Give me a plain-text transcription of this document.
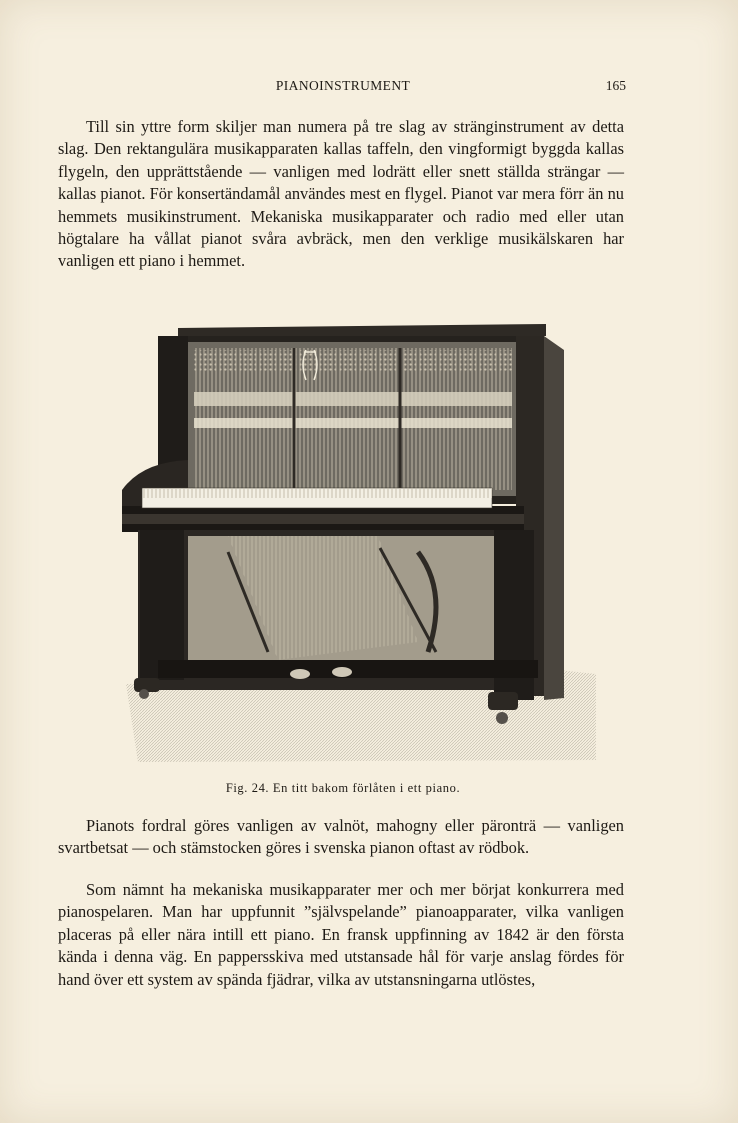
PIANOINSTRUMENT	165

Till sin yttre form skiljer man numera på tre slag av stränginstrument av detta slag. Den rektangulära musikapparaten kallas taffeln, den vingformigt byggda kallas flygeln, den upprättstående — vanligen med lodrätt eller snett ställda strängar — kallas pianot. För konsertändamål användes mest en flygel. Pianot var mera förr än nu hemmets musikinstrument. Mekaniska musikapparater och radio med eller utan högtalare ha vållat pianot svåra avbräck, men den verklige musikälskaren har vanligen ett piano i hemmet.

Fig. 24. En titt bakom förlåten i ett piano.

Pianots fordral göres vanligen av valnöt, mahogny eller päronträ — vanligen svartbetsat — och stämstocken göres i svenska pianon oftast av rödbok.

Som nämnt ha mekaniska musikapparater mer och mer börjat konkurrera med pianospelaren. Man har uppfunnit ”självspelande” pianoapparater, vilka vanligen placeras på eller nära intill ett piano. En fransk uppfinning av 1842 är den första kända i denna väg. En pappersskiva med utstansade hål för varje anslag fördes för hand över ett system av spända fjädrar, vilka av utstansningarna utlöstes,
